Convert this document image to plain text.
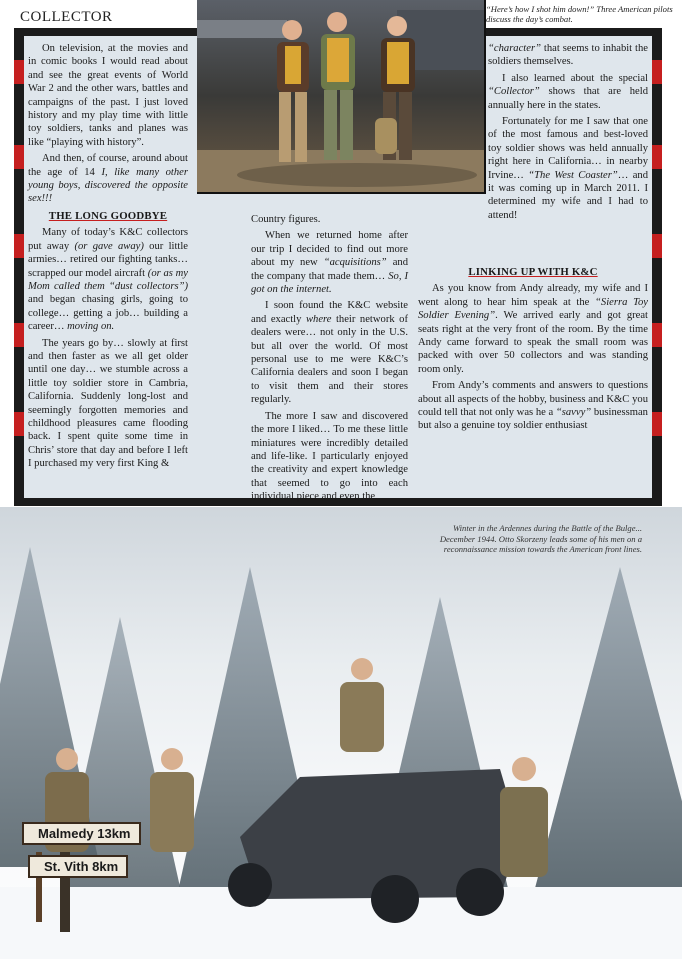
COLLECTOR	“Here’s how I shot him down!” Three American pilots discuss the day’s combat.

On television, at the movies and in comic books I would read about and see the great events of World War 2 and the other wars, battles and campaigns of the past. I just loved history and my play time with little toy soldiers, tanks and planes was like “playing with history”.

And then, of course, around about the age of 14 I, like many other young boys, discovered the opposite sex!!!

THE LONG GOODBYE

Many of today’s K&C collectors put away (or gave away) our little armies… retired our fighting tanks… scrapped our model aircraft (or as my Mom called them “dust collectors”) and began chasing girls, going to college… getting a job… building a career… moving on.

The years go by… slowly at first and then faster as we all get older until one day… we stumble across a little toy soldier store in Cambria, California. Suddenly long-lost and seemingly forgotten memories and childhood pleasures came flooding back. I spent quite some time in Chris’ store that day and before I left I purchased my very first King &

Country figures.

When we returned home after our trip I decided to find out more about my new “acquisitions” and the company that made them… So, I got on the internet.

I soon found the K&C website and exactly where their network of dealers were… not only in the U.S. but all over the world. Of most personal use to me were K&C’s California dealers and soon I began to visit them and their stores regularly.

The more I saw and discovered the more I liked… To me these little miniatures were incredibly detailed and life-like. I particularly enjoyed the creativity and expert knowledge that seemed to go into each individual piece and even the

“character” that seems to inhabit the soldiers themselves.

I also learned about the special “Collector” shows that are held annually here in the states.

Fortunately for me I saw that one of the most famous and best-loved toy soldier shows was held annually right here in California… in nearby Irvine… “The West Coaster”… and it was coming up in March 2011. I determined my wife and I had to attend!

LINKING UP WITH K&C

As you know from Andy already, my wife and I went along to hear him speak at the “Sierra Toy Soldier Evening”. We arrived early and got great seats right at the very front of the room. By the time Andy came forward to speak the small room was packed with over 50 collectors and was standing room only.

From Andy’s comments and answers to questions about all aspects of the hobby, business and K&C you could tell that not only was he a “savvy” businessman but also a genuine toy soldier enthusiast

Winter in the Ardennes during the Battle of the Bulge... December 1944. Otto Skorzeny leads some of his men on a reconnaissance mission towards the American front lines.
Malmedy 13km
St. Vith 8km
